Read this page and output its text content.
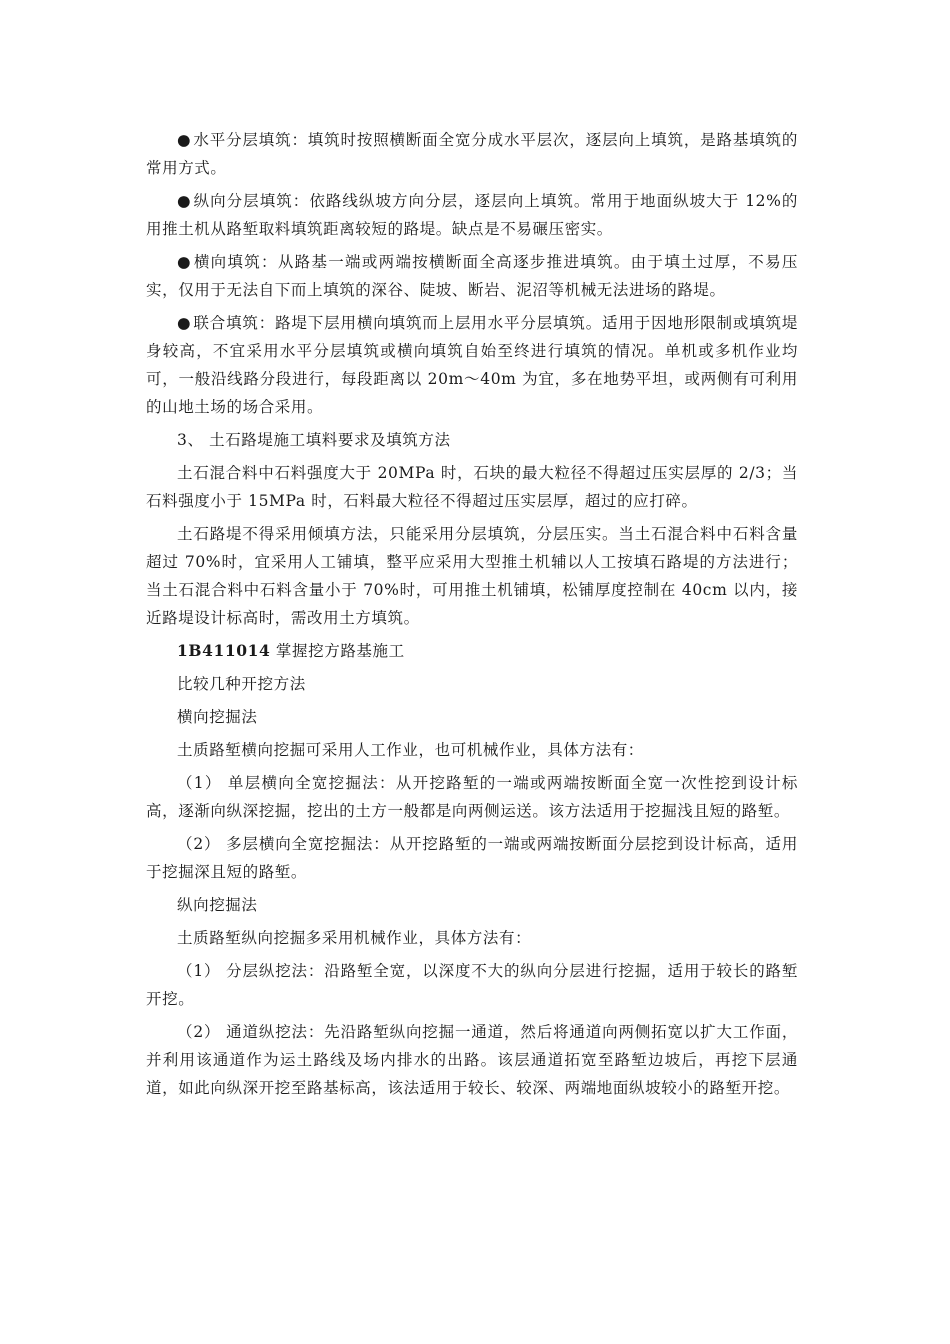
● 水平分层填筑：填筑时按照横断面全宽分成水平层次，逐层向上填筑，是路基填筑的常用方式。

● 纵向分层填筑：依路线纵坡方向分层，逐层向上填筑。常用于地面纵坡大于 12%的用推土机从路堑取料填筑距离较短的路堤。缺点是不易碾压密实。

● 横向填筑：从路基一端或两端按横断面全高逐步推进填筑。由于填土过厚，不易压实，仅用于无法自下而上填筑的深谷、陡坡、断岩、泥沼等机械无法进场的路堤。

● 联合填筑：路堤下层用横向填筑而上层用水平分层填筑。适用于因地形限制或填筑堤身较高，不宜采用水平分层填筑或横向填筑自始至终进行填筑的情况。单机或多机作业均可，一般沿线路分段进行，每段距离以 20m～40m 为宜，多在地势平坦，或两侧有可利用的山地土场的场合采用。

3、 土石路堤施工填料要求及填筑方法

土石混合料中石料强度大于 20MPa 时，石块的最大粒径不得超过压实层厚的 2/3；当石料强度小于 15MPa 时，石料最大粒径不得超过压实层厚，超过的应打碎。

土石路堤不得采用倾填方法，只能采用分层填筑，分层压实。当土石混合料中石料含量超过 70%时，宜采用人工铺填，整平应采用大型推土机辅以人工按填石路堤的方法进行；当土石混合料中石料含量小于 70%时，可用推土机铺填，松铺厚度控制在 40cm 以内，接近路堤设计标高时，需改用土方填筑。

1B411014 掌握挖方路基施工

比较几种开挖方法

横向挖掘法

土质路堑横向挖掘可采用人工作业，也可机械作业，具体方法有：

（1） 单层横向全宽挖掘法：从开挖路堑的一端或两端按断面全宽一次性挖到设计标高，逐渐向纵深挖掘，挖出的土方一般都是向两侧运送。该方法适用于挖掘浅且短的路堑。

（2） 多层横向全宽挖掘法：从开挖路堑的一端或两端按断面分层挖到设计标高，适用于挖掘深且短的路堑。

纵向挖掘法

土质路堑纵向挖掘多采用机械作业，具体方法有：

（1） 分层纵挖法：沿路堑全宽，以深度不大的纵向分层进行挖掘，适用于较长的路堑开挖。

（2） 通道纵挖法：先沿路堑纵向挖掘一通道，然后将通道向两侧拓宽以扩大工作面，并利用该通道作为运土路线及场内排水的出路。该层通道拓宽至路堑边坡后，再挖下层通道，如此向纵深开挖至路基标高，该法适用于较长、较深、两端地面纵坡较小的路堑开挖。
